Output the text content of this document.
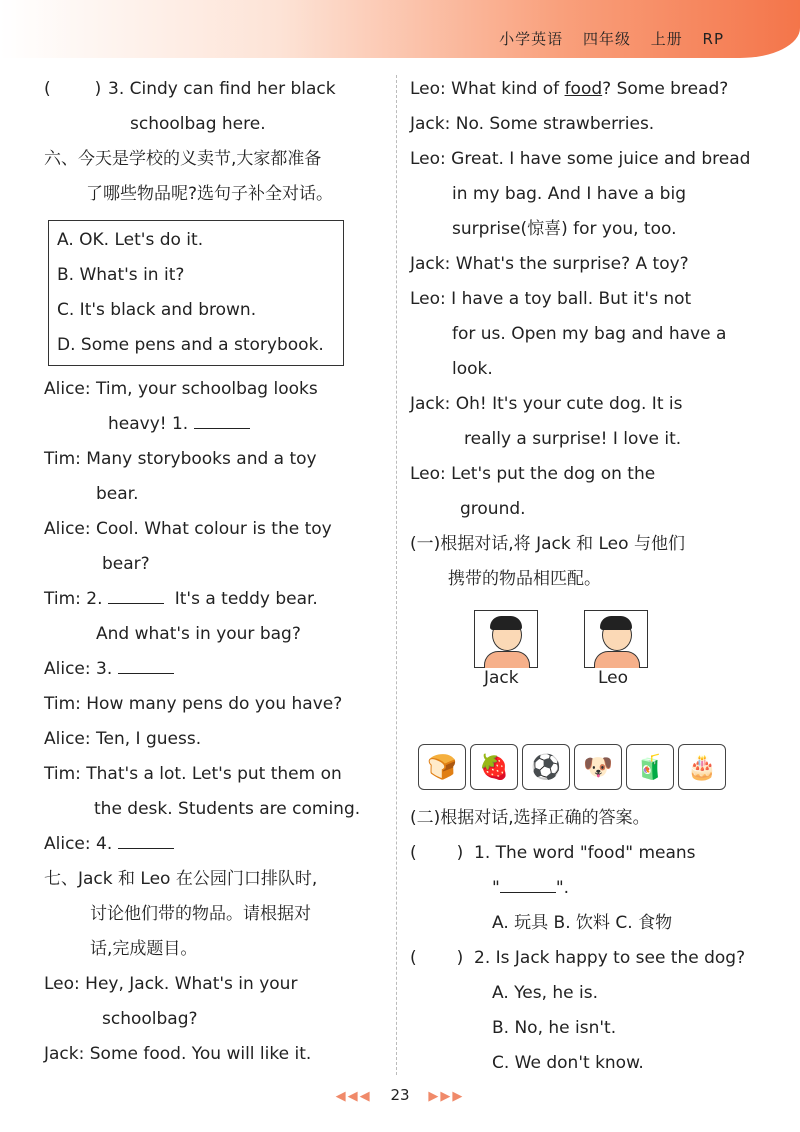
小学英语 四年级 上册 RP
(	) 3. Cindy can find her black
schoolbag here.
六、今天是学校的义卖节,大家都准备
了哪些物品呢?选句子补全对话。
A. OK. Let's do it.
B. What's in it?
C. It's black and brown.
D. Some pens and a storybook.
Alice: Tim, your schoolbag looks
heavy! 1.
Tim: Many storybooks and a toy
bear.
Alice: Cool. What colour is the toy
bear?
Tim: 2.	It's a teddy bear.
And what's in your bag?
Alice: 3.
Tim: How many pens do you have?
Alice: Ten, I guess.
Tim: That's a lot. Let's put them on
the desk. Students are coming.
Alice: 4.
七、Jack 和 Leo 在公园门口排队时,
讨论他们带的物品。请根据对
话,完成题目。
Leo: Hey, Jack. What's in your
schoolbag?
Jack: Some food. You will like it.
Leo: What kind of food? Some bread?
Jack: No. Some strawberries.
Leo: Great. I have some juice and bread
in my bag. And I have a big
surprise(惊喜) for you, too.
Jack: What's the surprise? A toy?
Leo: I have a toy ball. But it's not
for us. Open my bag and have a
look.
Jack: Oh! It's your cute dog. It is
really a surprise! I love it.
Leo: Let's put the dog on the
ground.
(一)根据对话,将 Jack 和 Leo 与他们
携带的物品相匹配。
Jack	Leo
🍞 🍓 ⚽ 🐶 🧃 🎂
(二)根据对话,选择正确的答案。
( ) 1. The word "food" means
"	".
A. 玩具 B. 饮料 C. 食物
( ) 2. Is Jack happy to see the dog?
A. Yes, he is.
B. No, he isn't.
C. We don't know.
◀◀◀ 23 ▶▶▶
